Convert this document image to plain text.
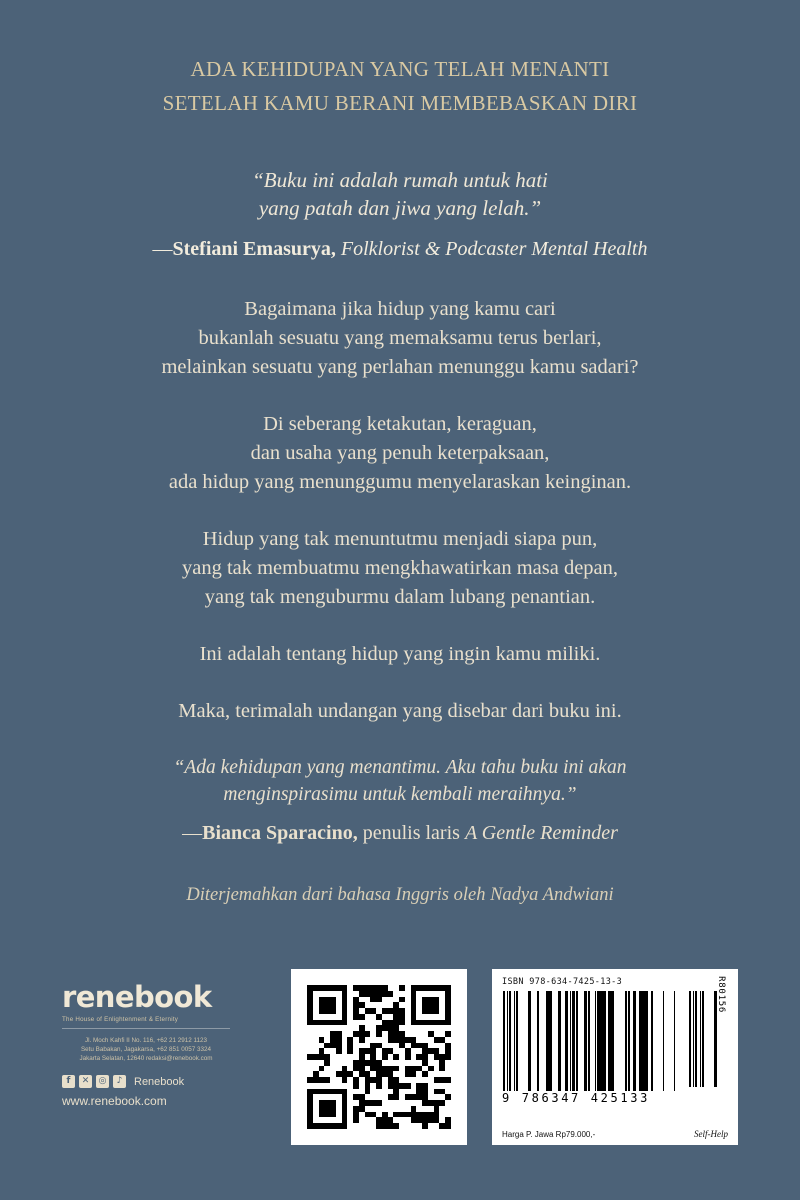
ADA KEHIDUPAN YANG TELAH MENANTI
SETELAH KAMU BERANI MEMBEBASKAN DIRI
“Buku ini adalah rumah untuk hati
yang patah dan jiwa yang lelah.”
—Stefiani Emasurya, Folklorist & Podcaster Mental Health

Bagaimana jika hidup yang kamu cari
bukanlah sesuatu yang memaksamu terus berlari,
melainkan sesuatu yang perlahan menunggu kamu sadari?

Di seberang ketakutan, keraguan,
dan usaha yang penuh keterpaksaan,
ada hidup yang menunggumu menyelaraskan keinginan.

Hidup yang tak menuntutmu menjadi siapa pun,
yang tak membuatmu mengkhawatirkan masa depan,
yang tak menguburmu dalam lubang penantian.

Ini adalah tentang hidup yang ingin kamu miliki.

Maka, terimalah undangan yang disebar dari buku ini.

“Ada kehidupan yang menantimu. Aku tahu buku ini akan
menginspirasimu untuk kembali meraihnya.”
—Bianca Sparacino, penulis laris A Gentle Reminder
Diterjemahkan dari bahasa Inggris oleh Nadya Andwiani
renebook
The House of Enlightenment & Eternity
Jl. Moch Kahfi II No. 116, +62 21 2912 1123
Setu Babakan, Jagakarsa, +62 851 0057 3324
Jakarta Selatan, 12640 redaksi@renebook.com
f	✕	◎	♪	Renebook
www.renebook.com
ISBN 978-634-7425-13-3
9 786347 425133
R80156
Harga P. Jawa Rp79.000,-	Self-Help
